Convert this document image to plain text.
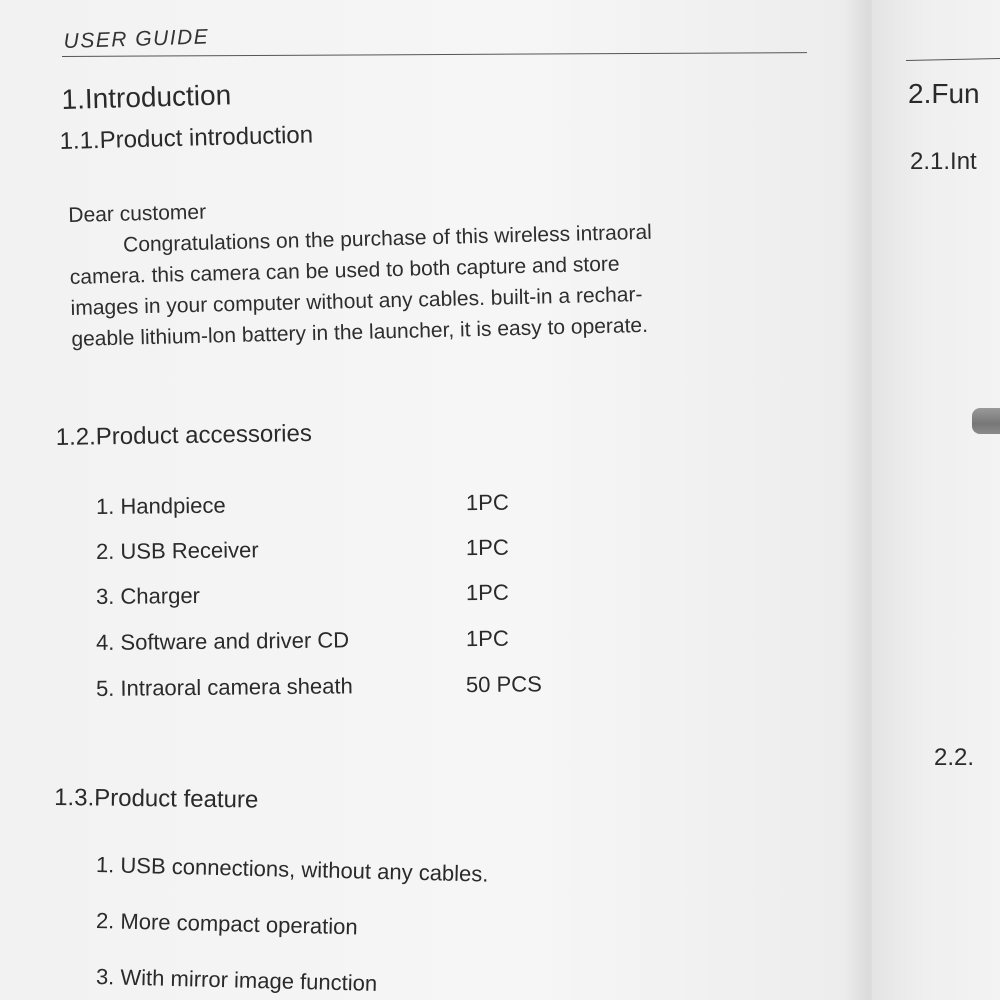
USER GUIDE
1.Introduction
1.1.Product introduction
Dear customer
Congratulations on the purchase of this wireless intraoral
camera. this camera can be used to both capture and store
images in your computer without any cables. built-in a rechar-
geable lithium-lon battery in the launcher, it is easy to operate.
1.2.Product accessories
1. Handpiece	1PC
2. USB Receiver	1PC
3. Charger	1PC
4. Software and driver CD	1PC
5. Intraoral camera sheath	50 PCS
1.3.Product feature
1. USB connections, without any cables.
2. More compact operation
3. With mirror image function
2.Fun
2.1.Int
2.2.
